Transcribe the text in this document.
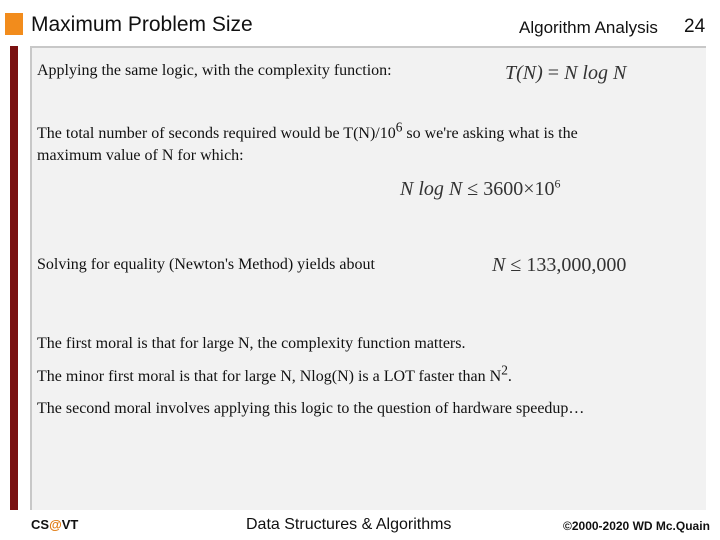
Maximum Problem Size	Algorithm Analysis 24
Applying the same logic, with the complexity function:	T(N) = N log N
The total number of seconds required would be $T(N)/10^6$ so we're asking what is the
maximum value of N for which:
N $\log N \le 3600\times 10^6$
Solving for equality (Newton's Method) yields about	N ≤ 133,000,000
The first moral is that for large N, the complexity function matters.
The minor first moral is that for large N, Nlog(N) is a LOT faster than $N^2$.
The second moral involves applying this logic to the question of hardware speedup…
CS@VT	Data Structures & Algorithms	©2000-2020 WD Mc.Quain
